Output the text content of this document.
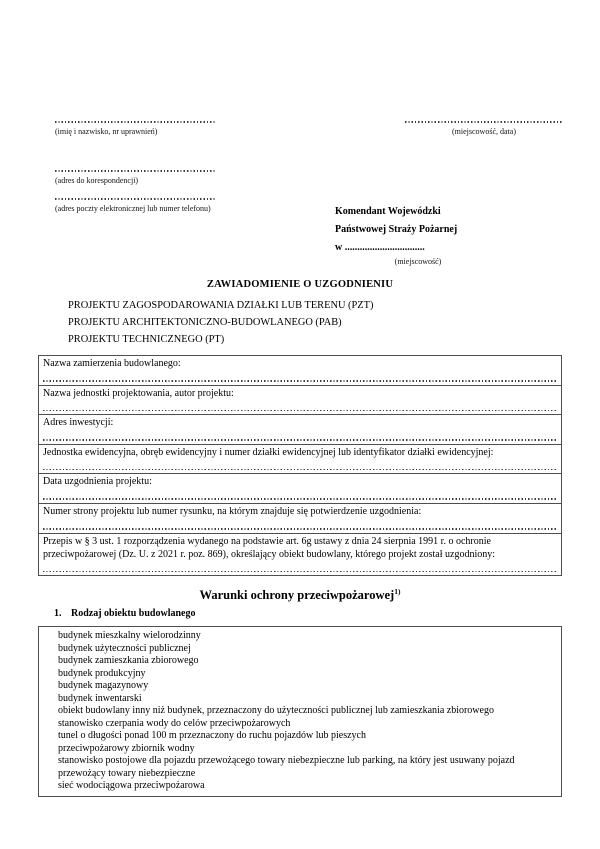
(imię i nazwisko, nr uprawnień)
(adres do korespondencji)
(adres poczty elektronicznej lub numer telefonu)
(miejscowość, data)
Komendant Wojewódzki
Państwowej Straży Pożarnej
w ................................
(miejscowość)
ZAWIADOMIENIE O UZGODNIENIU
PROJEKTU ZAGOSPODAROWANIA DZIAŁKI LUB TERENU (PZT)
PROJEKTU ARCHITEKTONICZNO-BUDOWLANEGO (PAB)
PROJEKTU TECHNICZNEGO (PT)
Nazwa zamierzenia budowlanego:
Nazwa jednostki projektowania, autor projektu:
Adres inwestycji:
Jednostka ewidencyjna, obręb ewidencyjny i numer działki ewidencyjnej lub identyfikator działki ewidencyjnej:
Data uzgodnienia projektu:
Numer strony projektu lub numer rysunku, na którym znajduje się potwierdzenie uzgodnienia:
Przepis w § 3 ust. 1 rozporządzenia wydanego na podstawie art. 6g ustawy z dnia 24 sierpnia 1991 r. o ochronie przeciwpożarowej (Dz. U. z 2021 r. poz. 869), określający obiekt budowlany, którego projekt został uzgodniony:
Warunki ochrony przeciwpożarowej$^{1)}$
1. Rodzaj obiektu budowlanego
budynek mieszkalny wielorodzinny
budynek użyteczności publicznej
budynek zamieszkania zbiorowego
budynek produkcyjny
budynek magazynowy
budynek inwentarski
obiekt budowlany inny niż budynek, przeznaczony do użyteczności publicznej lub zamieszkania zbiorowego
stanowisko czerpania wody do celów przeciwpożarowych
tunel o długości ponad 100 m przeznaczony do ruchu pojazdów lub pieszych
przeciwpożarowy zbiornik wodny
stanowisko postojowe dla pojazdu przewożącego towary niebezpieczne lub parking, na który jest usuwany pojazd przewożący towary niebezpieczne
sieć wodociągowa przeciwpożarowa
